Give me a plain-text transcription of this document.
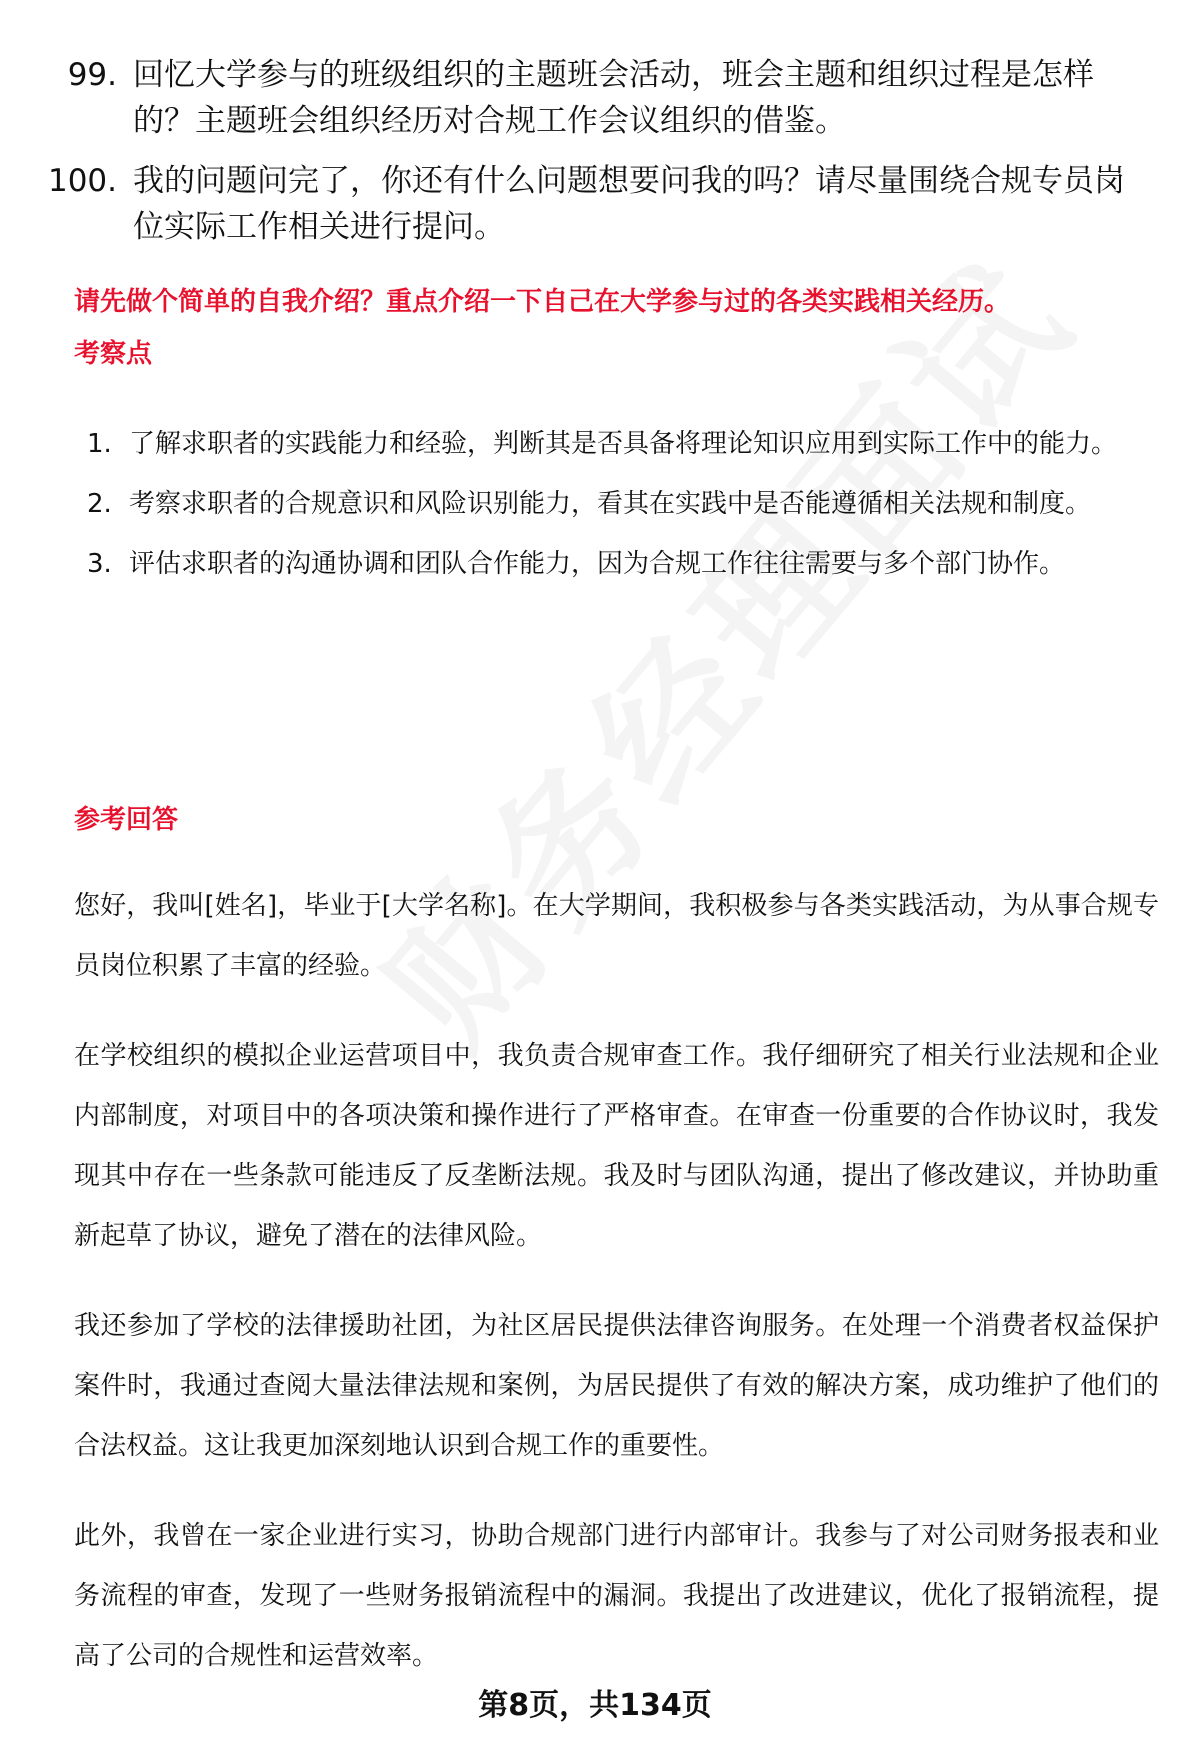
99. 回忆大学参与的班级组织的主题班会活动，班会主题和组织过程是怎样的？主题班会组织经历对合规工作会议组织的借鉴。
100. 我的问题问完了，你还有什么问题想要问我的吗？请尽量围绕合规专员岗位实际工作相关进行提问。
请先做个简单的自我介绍？重点介绍一下自己在大学参与过的各类实践相关经历。
考察点
1. 了解求职者的实践能力和经验，判断其是否具备将理论知识应用到实际工作中的能力。
2. 考察求职者的合规意识和风险识别能力，看其在实践中是否能遵循相关法规和制度。
3. 评估求职者的沟通协调和团队合作能力，因为合规工作往往需要与多个部门协作。
参考回答

您好，我叫[姓名]，毕业于[大学名称]。在大学期间，我积极参与各类实践活动，为从事合规专员岗位积累了丰富的经验。

在学校组织的模拟企业运营项目中，我负责合规审查工作。我仔细研究了相关行业法规和企业内部制度，对项目中的各项决策和操作进行了严格审查。在审查一份重要的合作协议时，我发现其中存在一些条款可能违反了反垄断法规。我及时与团队沟通，提出了修改建议，并协助重新起草了协议，避免了潜在的法律风险。

我还参加了学校的法律援助社团，为社区居民提供法律咨询服务。在处理一个消费者权益保护案件时，我通过查阅大量法律法规和案例，为居民提供了有效的解决方案，成功维护了他们的合法权益。这让我更加深刻地认识到合规工作的重要性。

此外，我曾在一家企业进行实习，协助合规部门进行内部审计。我参与了对公司财务报表和业务流程的审查，发现了一些财务报销流程中的漏洞。我提出了改进建议，优化了报销流程，提高了公司的合规性和运营效率。

第8页，共134页
